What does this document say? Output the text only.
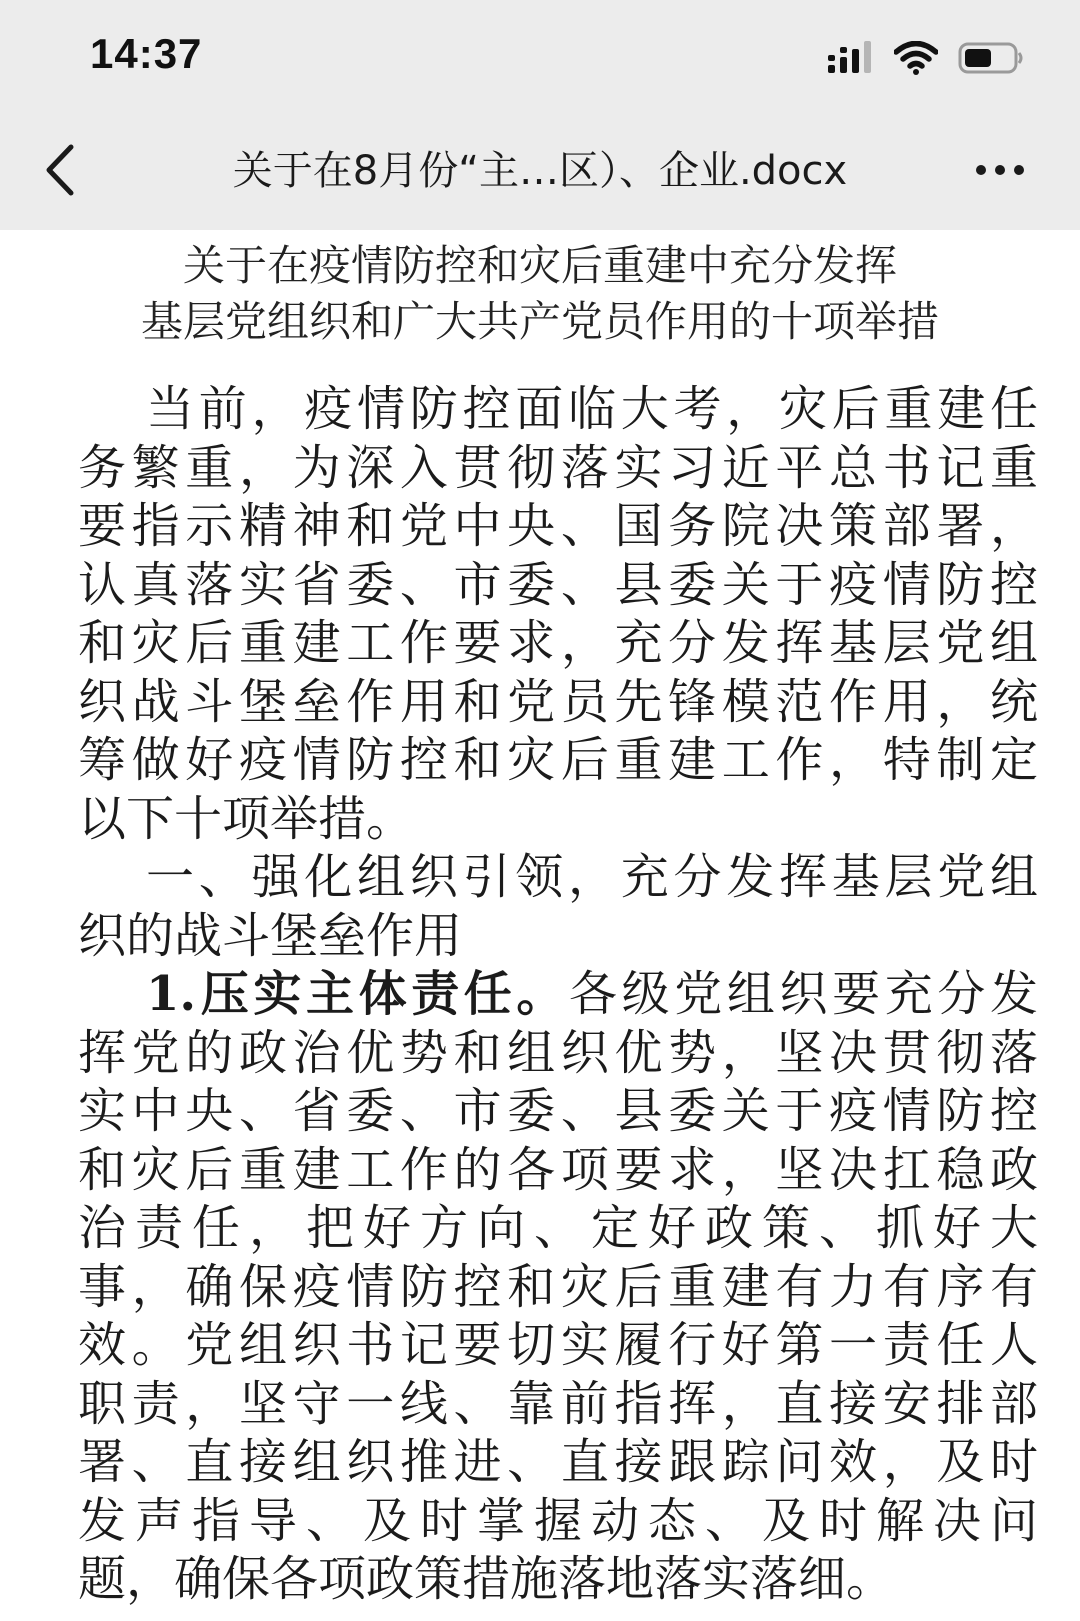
14:37
关于在8月份“主…区）、企业.docx
关于在疫情防控和灾后重建中充分发挥
基层党组织和广大共产党员作用的十项举措
当前，疫情防控面临大考，灾后重建任
务繁重，为深入贯彻落实习近平总书记重
要指示精神和党中央、国务院决策部署，
认真落实省委、市委、县委关于疫情防控
和灾后重建工作要求，充分发挥基层党组
织战斗堡垒作用和党员先锋模范作用，统
筹做好疫情防控和灾后重建工作，特制定
以下十项举措。
一、强化组织引领，充分发挥基层党组
织的战斗堡垒作用
1.压实主体责任。各级党组织要充分发
挥党的政治优势和组织优势，坚决贯彻落
实中央、省委、市委、县委关于疫情防控
和灾后重建工作的各项要求，坚决扛稳政
治责任，把好方向、定好政策、抓好大
事，确保疫情防控和灾后重建有力有序有
效。党组织书记要切实履行好第一责任人
职责，坚守一线、靠前指挥，直接安排部
署、直接组织推进、直接跟踪问效，及时
发声指导、及时掌握动态、及时解决问
题，确保各项政策措施落地落实落细。
